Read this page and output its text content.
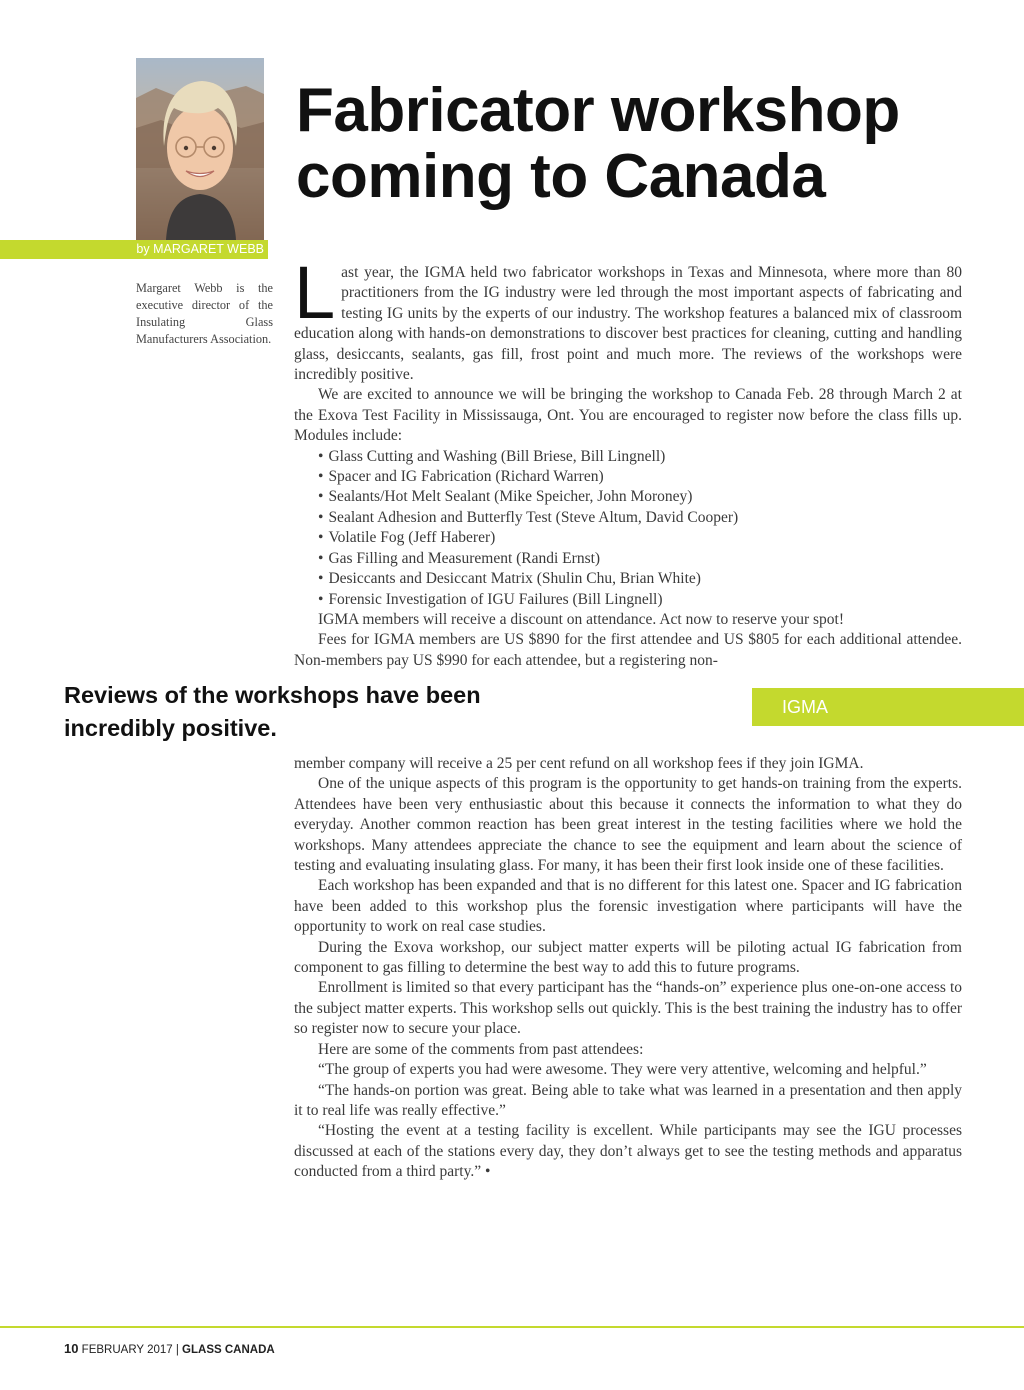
Fabricator workshop
coming to Canada
by MARGARET WEBB

Margaret Webb is the executive director of the Insulating Glass Manufacturers Association.

Last year, the IGMA held two fabricator workshops in Texas and Minnesota, where more than 80 practitioners from the IG industry were led through the most important aspects of fabricating and testing IG units by the experts of our industry. The workshop features a balanced mix of classroom education along with hands-on demonstrations to discover best practices for cleaning, cutting and handling glass, desiccants, sealants, gas fill, frost point and much more. The reviews of the workshops were incredibly positive.

We are excited to announce we will be bringing the workshop to Canada Feb. 28 through March 2 at the Exova Test Facility in Mississauga, Ont. You are encouraged to register now before the class fills up. Modules include:

• Glass Cutting and Washing (Bill Briese, Bill Lingnell)
• Spacer and IG Fabrication (Richard Warren)
• Sealants/Hot Melt Sealant (Mike Speicher, John Moroney)
• Sealant Adhesion and Butterfly Test (Steve Altum, David Cooper)
• Volatile Fog (Jeff Haberer)
• Gas Filling and Measurement (Randi Ernst)
• Desiccants and Desiccant Matrix (Shulin Chu, Brian White)
• Forensic Investigation of IGU Failures (Bill Lingnell)

IGMA members will receive a discount on attendance. Act now to reserve your spot!

Fees for IGMA members are US $890 for the first attendee and US $805 for each additional attendee. Non-members pay US $990 for each attendee, but a registering non-

Reviews of the workshops have been incredibly positive.
IGMA

member company will receive a 25 per cent refund on all workshop fees if they join IGMA.

One of the unique aspects of this program is the opportunity to get hands-on training from the experts. Attendees have been very enthusiastic about this because it connects the information to what they do everyday. Another common reaction has been great interest in the testing facilities where we hold the workshops. Many attendees appreciate the chance to see the equipment and learn about the science of testing and evaluating insulating glass. For many, it has been their first look inside one of these facilities.

Each workshop has been expanded and that is no different for this latest one. Spacer and IG fabrication have been added to this workshop plus the forensic investigation where participants will have the opportunity to work on real case studies.

During the Exova workshop, our subject matter experts will be piloting actual IG fabrication from component to gas filling to determine the best way to add this to future programs.

Enrollment is limited so that every participant has the “hands-on” experience plus one-on-one access to the subject matter experts. This workshop sells out quickly. This is the best training the industry has to offer so register now to secure your place.

Here are some of the comments from past attendees:

“The group of experts you had were awesome. They were very attentive, welcoming and helpful.”

“The hands-on portion was great. Being able to take what was learned in a presentation and then apply it to real life was really effective.”

“Hosting the event at a testing facility is excellent. While participants may see the IGU processes discussed at each of the stations every day, they don’t always get to see the testing methods and apparatus conducted from a third party.” •

10 FEBRUARY 2017 | GLASS CANADA
